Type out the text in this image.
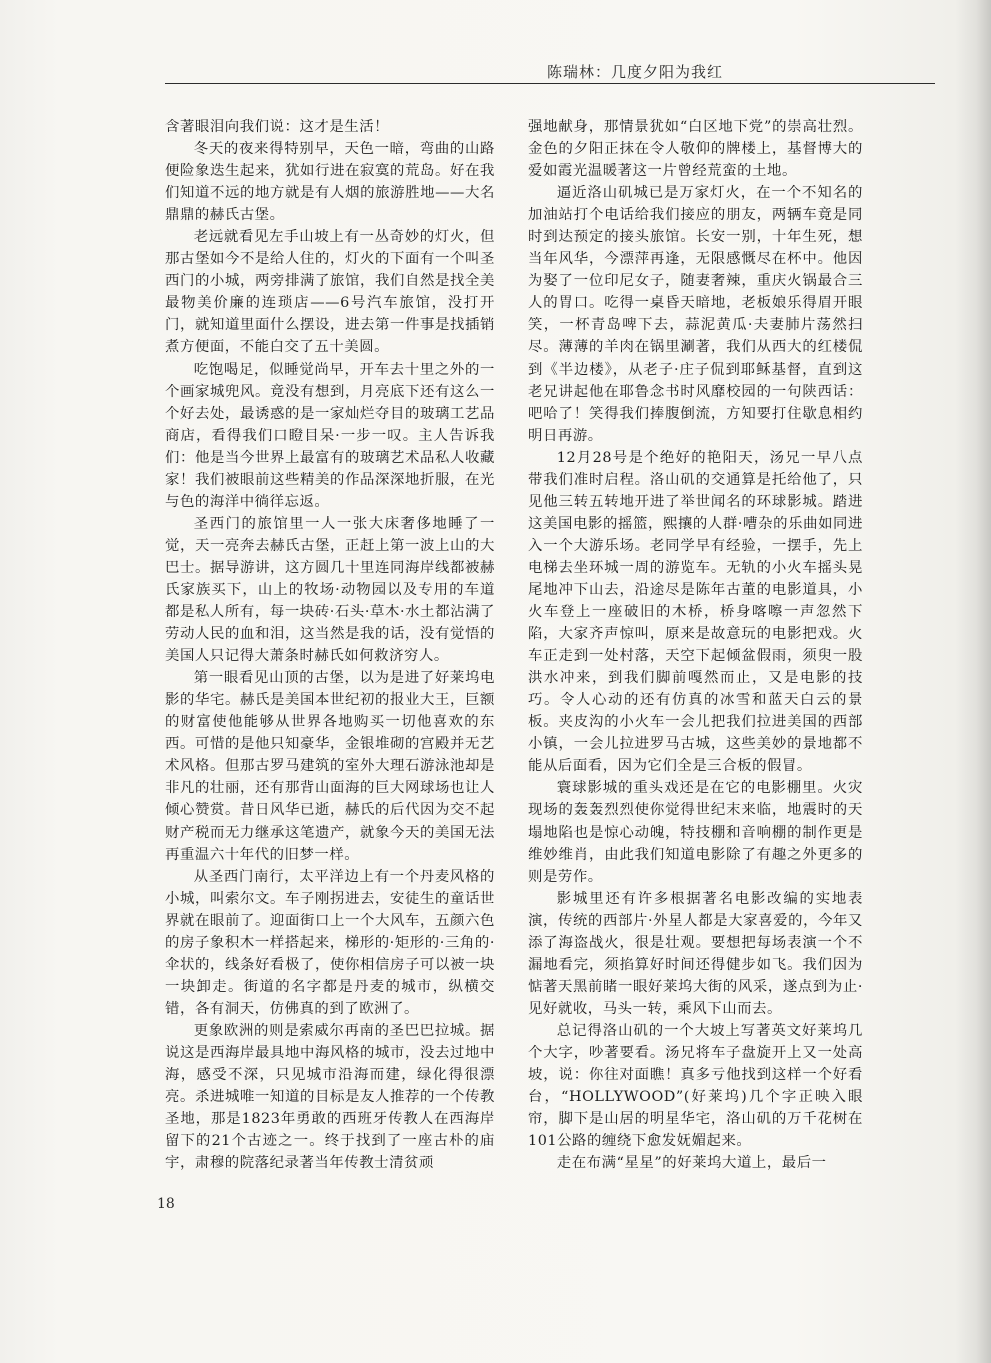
陈瑞林：几度夕阳为我红

含著眼泪向我们说：这才是生活！

冬天的夜来得特别早，天色一暗，弯曲的山路便险象迭生起来，犹如行进在寂寞的荒岛。好在我们知道不远的地方就是有人烟的旅游胜地——大名鼎鼎的赫氏古堡。

老远就看见左手山坡上有一丛奇妙的灯火，但那古堡如今不是给人住的，灯火的下面有一个叫圣西门的小城，两旁排满了旅馆，我们自然是找全美最物美价廉的连琐店——6号汽车旅馆，没打开门，就知道里面什么摆设，进去第一件事是找插销煮方便面，不能白交了五十美圆。

吃饱喝足，似睡觉尚早，开车去十里之外的一个画家城兜风。竟没有想到，月亮底下还有这么一个好去处，最诱惑的是一家灿烂夺目的玻璃工艺品商店，看得我们口瞪目呆·一步一叹。主人告诉我们：他是当今世界上最富有的玻璃艺术品私人收藏家！我们被眼前这些精美的作品深深地折服，在光与色的海洋中徜徉忘返。

圣西门的旅馆里一人一张大床奢侈地睡了一觉，天一亮奔去赫氏古堡，正赶上第一波上山的大巴士。据导游讲，这方圆几十里连同海岸线都被赫氏家族买下，山上的牧场·动物园以及专用的车道都是私人所有，每一块砖·石头·草木·水土都沾满了劳动人民的血和泪，这当然是我的话，没有觉悟的美国人只记得大萧条时赫氏如何救济穷人。

第一眼看见山顶的古堡，以为是进了好莱坞电影的华宅。赫氏是美国本世纪初的报业大王，巨额的财富使他能够从世界各地购买一切他喜欢的东西。可惜的是他只知豪华，金银堆砌的宫殿并无艺术风格。但那古罗马建筑的室外大理石游泳池却是非凡的壮丽，还有那背山面海的巨大网球场也让人倾心赞赏。昔日风华已逝，赫氏的后代因为交不起财产税而无力继承这笔遗产，就象今天的美国无法再重温六十年代的旧梦一样。

从圣西门南行，太平洋边上有一个丹麦风格的小城，叫索尔文。车子刚拐进去，安徒生的童话世界就在眼前了。迎面街口上一个大风车，五颜六色的房子象积木一样搭起来，梯形的·矩形的·三角的·伞状的，线条好看极了，使你相信房子可以被一块一块卸走。街道的名字都是丹麦的城市，纵横交错，各有洞天，仿佛真的到了欧洲了。

更象欧洲的则是索威尔再南的圣巴巴拉城。据说这是西海岸最具地中海风格的城市，没去过地中海，感受不深，只见城市沿海而建，绿化得很漂亮。杀进城唯一知道的目标是友人推荐的一个传教圣地，那是1823年勇敢的西班牙传教人在西海岸留下的21个古迹之一。终于找到了一座古朴的庙宇，肃穆的院落纪录著当年传教士清贫顽

强地献身，那情景犹如“白区地下党”的崇高壮烈。金色的夕阳正抹在令人敬仰的牌楼上，基督博大的爱如霞光温暖著这一片曾经荒蛮的土地。

逼近洛山矶城已是万家灯火，在一个不知名的加油站打个电话给我们接应的朋友，两辆车竟是同时到达预定的接头旅馆。长安一别，十年生死，想当年风华，今漂萍再逢，无限感慨尽在杯中。他因为娶了一位印尼女子，随妻奢辣，重庆火锅最合三人的胃口。吃得一桌昏天暗地，老板娘乐得眉开眼笑，一杯青岛啤下去，蒜泥黄瓜·夫妻肺片荡然扫尽。薄薄的羊肉在锅里涮著，我们从西大的红楼侃到《半边楼》，从老子·庄子侃到耶稣基督，直到这老兄讲起他在耶鲁念书时风靡校园的一句陕西话：吧哈了！笑得我们捧腹倒流，方知要打住歇息相约明日再游。

12月28号是个绝好的艳阳天，汤兄一早八点带我们准时启程。洛山矶的交通算是托给他了，只见他三转五转地开进了举世闻名的环球影城。踏进这美国电影的摇篮，熙攘的人群·嘈杂的乐曲如同进入一个大游乐场。老同学早有经验，一摆手，先上电梯去坐环城一周的游览车。无轨的小火车摇头晃尾地冲下山去，沿途尽是陈年古董的电影道具，小火车登上一座破旧的木桥，桥身喀嚓一声忽然下陷，大家齐声惊叫，原来是故意玩的电影把戏。火车正走到一处村落，天空下起倾盆假雨，须臾一股洪水冲来，到我们脚前嘎然而止，又是电影的技巧。令人心动的还有仿真的冰雪和蓝天白云的景板。夹皮沟的小火车一会儿把我们拉进美国的西部小镇，一会儿拉进罗马古城，这些美妙的景地都不能从后面看，因为它们全是三合板的假冒。

寰球影城的重头戏还是在它的电影棚里。火灾现场的轰轰烈烈使你觉得世纪末来临，地震时的天塌地陷也是惊心动魄，特技棚和音响棚的制作更是维妙维肖，由此我们知道电影除了有趣之外更多的则是劳作。

影城里还有许多根据著名电影改编的实地表演，传统的西部片·外星人都是大家喜爱的，今年又添了海盗战火，很是壮观。要想把每场表演一个不漏地看完，须掐算好时间还得健步如飞。我们因为惦著天黑前睹一眼好莱坞大街的风采，遂点到为止·见好就收，马头一转，乘风下山而去。

总记得洛山矶的一个大坡上写著英文好莱坞几个大字，吵著要看。汤兄将车子盘旋开上又一处高坡，说：你往对面瞧！真多亏他找到这样一个好看台，“HOLLYWOOD”(好莱坞)几个字正映入眼帘，脚下是山居的明星华宅，洛山矶的万千花树在101公路的缠绕下愈发妩媚起来。

走在布满“星星”的好莱坞大道上，最后一

18
